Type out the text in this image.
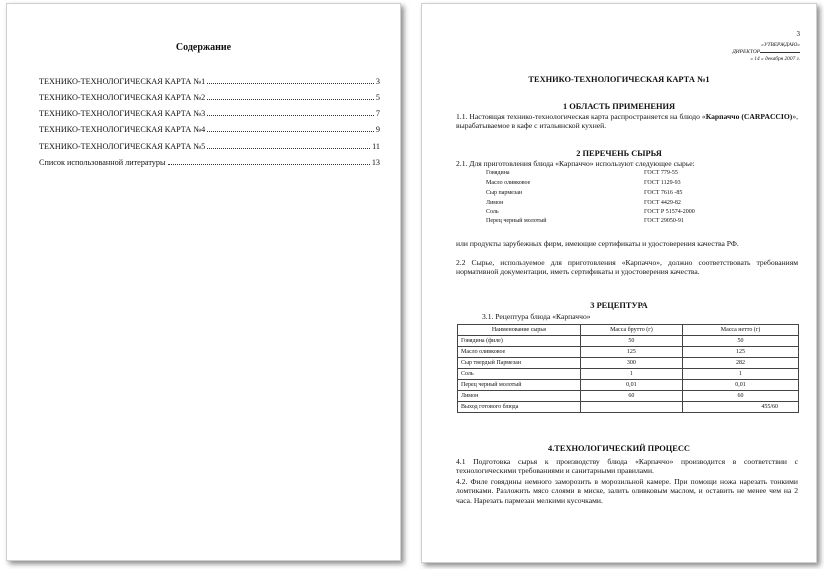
Содержание
ТЕХНИКО-ТЕХНОЛОГИЧЕСКАЯ КАРТА №1	3
ТЕХНИКО-ТЕХНОЛОГИЧЕСКАЯ КАРТА №2	5
ТЕХНИКО-ТЕХНОЛОГИЧЕСКАЯ КАРТА №3	7
ТЕХНИКО-ТЕХНОЛОГИЧЕСКАЯ КАРТА №4	9
ТЕХНИКО-ТЕХНОЛОГИЧЕСКАЯ КАРТА №5	11
Список использованной литературы	13
3
«УТВЕРЖДАЮ»
ДИРЕКТОР
« 14 » декабря 2007 г.
ТЕХНИКО-ТЕХНОЛОГИЧЕСКАЯ КАРТА №1
1 ОБЛАСТЬ ПРИМЕНЕНИЯ
1.1. Настоящая технико-технологическая карта распространяется на блюдо «Карпаччо (CARPACCIO)», вырабатываемое в кафе с итальянской кухней.
2 ПЕРЕЧЕНЬ СЫРЬЯ
2.1. Для приготовления блюда «Карпаччо» используют следующее сырье:
Говядина	ГОСТ 779-55
Масло оливковое	ГОСТ 1129-93
Сыр пармезан	ГОСТ 7616 -85
Лимон	ГОСТ 4429-82
Соль	ГОСТ Р 51574-2000
Перец черный молотый	ГОСТ 29050-91
или продукты зарубежных фирм, имеющие сертификаты и удостоверения качества РФ.
2.2 Сырье, используемое для приготовления «Карпаччо», должно соответствовать требованиям нормативной документации, иметь сертификаты и удостоверения качества.
3 РЕЦЕПТУРА
3.1. Рецептура блюда «Карпаччо»
Наименование сырья	Масса брутто (г)	Масса нетто (г)
Говядина (филе)	50	50
Масло оливковое	125	125
Сыр твердый Пармезан	300	282
Соль	1	1
Перец черный молотый	0,01	0,01
Лимон	60	60
Выход готового блюда		455/60
4.ТЕХНОЛОГИЧЕСКИЙ ПРОЦЕСС
4.1 Подготовка сырья к производству блюда «Карпаччо» производится в соответствии с технологическими требованиями и санитарными правилами.
4.2. Филе говядины немного заморозить в морозильной камере. При помощи ножа нарезать тонкими ломтиками. Разложить мясо слоями в миске, залить оливковым маслом, и оставить не менее чем на 2 часа. Нарезать пармезан мелкими кусочками.
